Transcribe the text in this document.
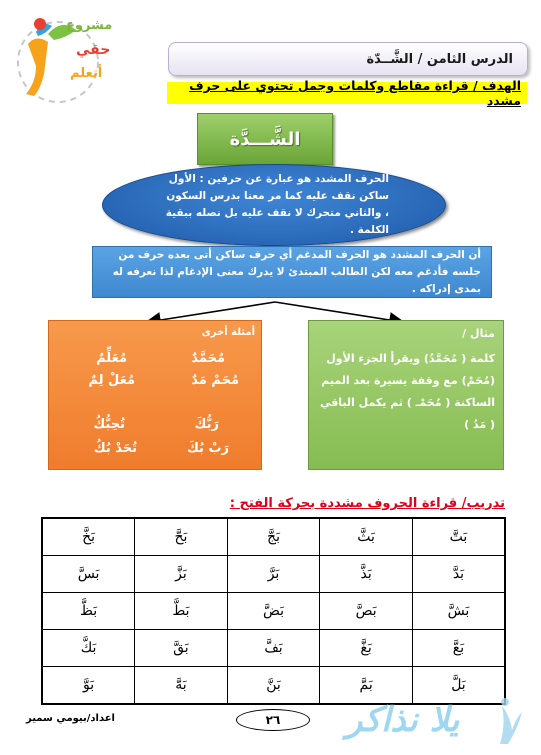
مشروع
حقي
أتعلم
الدرس الثامن / الشَّــدّة
الهدف / قراءة مقاطع وكلمات وجمل تحتوي على حرف مشدد
الشَّـــدَّة
الحرف المشدد هو عبارة عن حرفين : الأول ساكن نقف عليه كما مر معنا بدرس السكون ، والثاني متحرك لا نقف عليه بل نصله ببقية الكلمة .
أن الحرف المشدد هو الحرف المدغم أي حرف ساكن أتى بعده حرف من جلسه فأدغم معه لكن الطالب المبتدئ لا يدرك معنى الإدغام لذا نعرفه له بمدى إدراكه .
مثال /
كلمة ( مُحَمَّدُ) ويقرأ الجزء الأول
(مُحَمْ) مع وقفة يسيرة بعد الميم
الساكنة ( مُحَمْـ ) ثم يكمل الباقي
( مَدُ )
أمثلة أخرى
مُحَمَّدٌ
مُحَمْ مَدٌ
مُعَلِّمٌ
مُعَلْ لِمٌ
رَبُّكَ
رَبْ بُكَ
تُحِبُّكُ
تُحَدْ بُكُ
تدريب/ قراءة الحروف مشددة بحركة الفتح :
بَتَّ	بَثَّ	بَجَّ	بَحَّ	بَخَّ
بَدَّ	بَذَّ	بَرَّ	بَزَّ	بَسَّ
بَشَّ	بَصَّ	بَضَّ	بَطَّ	بَظَّ
بَعَّ	بَغَّ	بَفَّ	بَقَّ	بَكَّ
بَلَّ	بَمَّ	بَنَّ	بَهَّ	بَوَّ
٢٦
اعداد/بيومي سمير	يلا نذاكر
